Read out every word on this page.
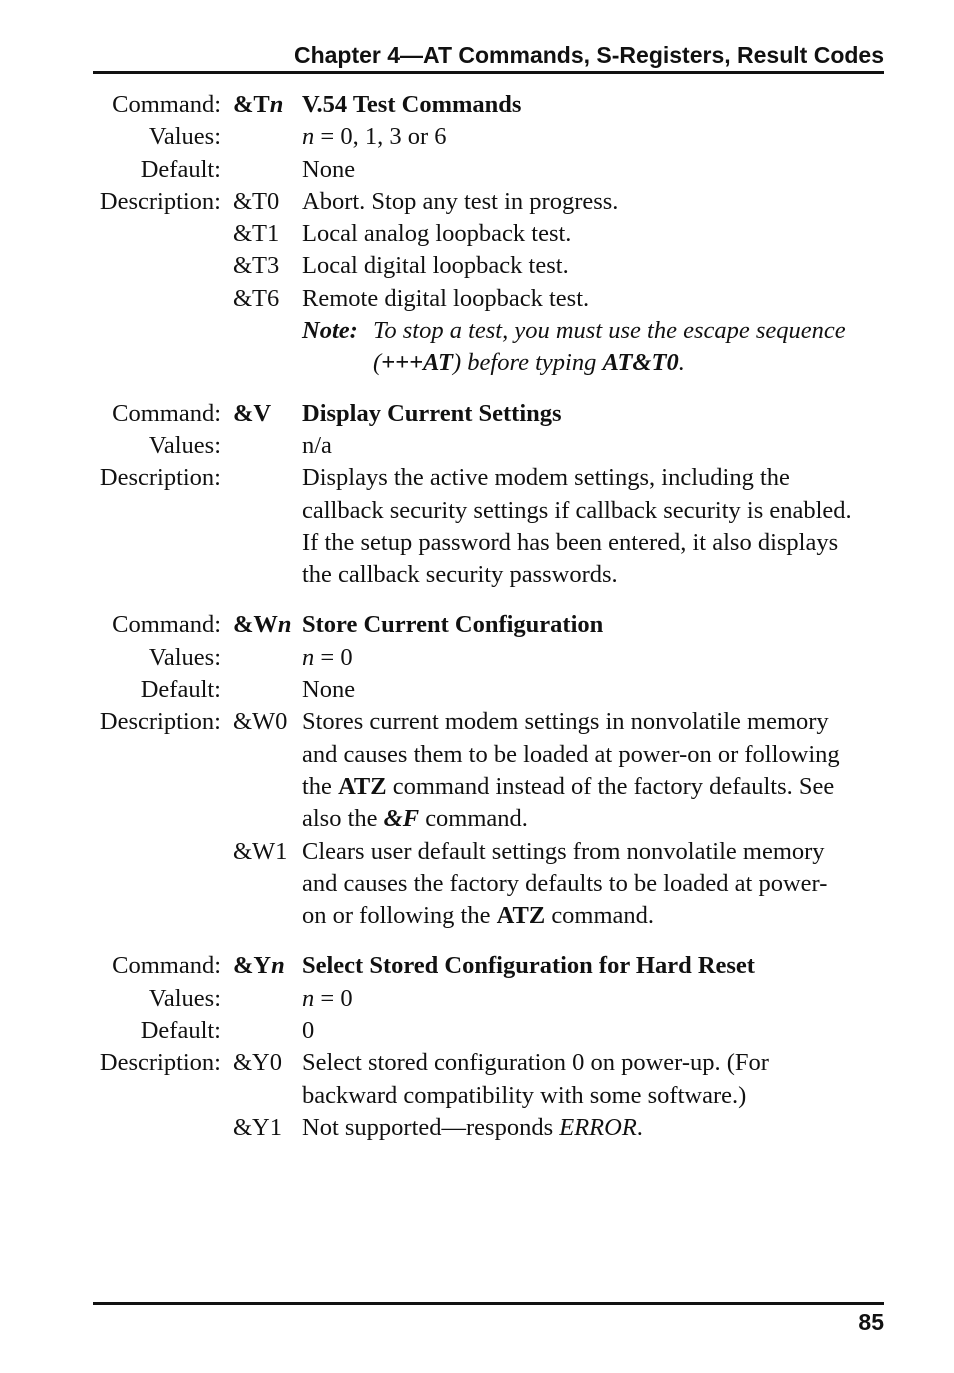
Chapter 4—AT Commands, S-Registers, Result Codes
Command: &Tn V.54 Test Commands
Values:	n = 0, 1, 3 or 6
Default:	None
Description: &T0 Abort. Stop any test in progress.
&T1 Local analog loopback test.
&T3 Local digital loopback test.
&T6 Remote digital loopback test.
Note: To stop a test, you must use the escape sequence
(+++AT) before typing AT&T0.
Command: &V Display Current Settings
Values:	n/a
Description:	Displays the active modem settings, including the
callback security settings if callback security is enabled.
If the setup password has been entered, it also displays
the callback security passwords.
Command: &Wn Store Current Configuration
Values:	n = 0
Default:	None
Description: &W0 Stores current modem settings in nonvolatile memory
and causes them to be loaded at power-on or following
the ATZ command instead of the factory defaults. See
also the &F command.
&W1 Clears user default settings from nonvolatile memory
and causes the factory defaults to be loaded at power-
on or following the ATZ command.
Command: &Yn Select Stored Configuration for Hard Reset
Values:	n = 0
Default:	0
Description: &Y0 Select stored configuration 0 on power-up. (For
backward compatibility with some software.)
&Y1 Not supported—responds ERROR.
85
